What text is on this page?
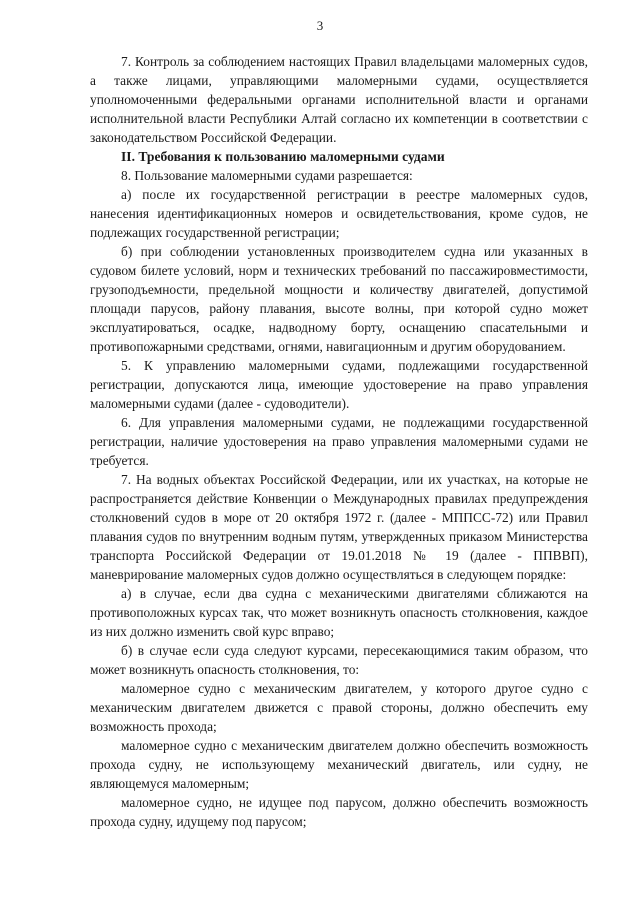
3

7. Контроль за соблюдением настоящих Правил владельцами маломерных судов, а также лицами, управляющими маломерными судами, осуществляется уполномоченными федеральными органами исполнительной власти и органами исполнительной власти Республики Алтай согласно их компетенции в соответствии с законодательством Российской Федерации.

II. Требования к пользованию маломерными судами

8. Пользование маломерными судами разрешается:

а) после их государственной регистрации в реестре маломерных судов, нанесения идентификационных номеров и освидетельствования, кроме судов, не подлежащих государственной регистрации;

б) при соблюдении установленных производителем судна или указанных в судовом билете условий, норм и технических требований по пассажировместимости, грузоподъемности, предельной мощности и количеству двигателей, допустимой площади парусов, району плавания, высоте волны, при которой судно может эксплуатироваться, осадке, надводному борту, оснащению спасательными и противопожарными средствами, огнями, навигационным и другим оборудованием.

5. К управлению маломерными судами, подлежащими государственной регистрации, допускаются лица, имеющие удостоверение на право управления маломерными судами (далее - судоводители).

6. Для управления маломерными судами, не подлежащими государственной регистрации, наличие удостоверения на право управления маломерными судами не требуется.

7. На водных объектах Российской Федерации, или их участках, на которые не распространяется действие Конвенции о Международных правилах предупреждения столкновений судов в море от 20 октября 1972 г. (далее - МППСС-72) или Правил плавания судов по внутренним водным путям, утвержденных приказом Министерства транспорта Российской Федерации от 19.01.2018 № 19 (далее - ППВВП), маневрирование маломерных судов должно осуществляться в следующем порядке:

а) в случае, если два судна с механическими двигателями сближаются на противоположных курсах так, что может возникнуть опасность столкновения, каждое из них должно изменить свой курс вправо;

б) в случае если суда следуют курсами, пересекающимися таким образом, что может возникнуть опасность столкновения, то:

маломерное судно с механическим двигателем, у которого другое судно с механическим двигателем движется с правой стороны, должно обеспечить ему возможность прохода;

маломерное судно с механическим двигателем должно обеспечить возможность прохода судну, не использующему механический двигатель, или судну, не являющемуся маломерным;

маломерное судно, не идущее под парусом, должно обеспечить возможность прохода судну, идущему под парусом;
